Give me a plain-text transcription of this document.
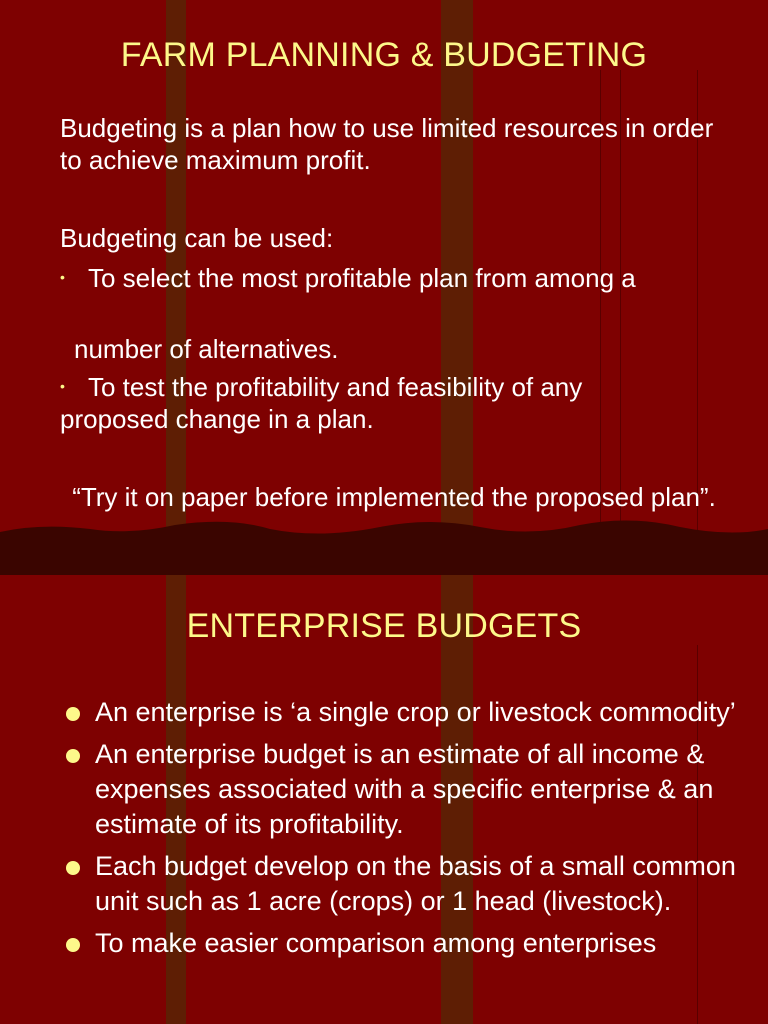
FARM PLANNING & BUDGETING
Budgeting is a plan how to use limited resources in order to achieve maximum profit.
Budgeting can be used:
• To select the most profitable plan from among a
number of alternatives.
• To test the profitability and feasibility of any
proposed change in a plan.
“Try it on paper before implemented the proposed plan”.
ENTERPRISE BUDGETS
An enterprise is ‘a single crop or livestock commodity’
An enterprise budget is an estimate of all income & expenses associated with a specific enterprise & an estimate of its profitability.
Each budget develop on the basis of a small common unit such as 1 acre (crops) or 1 head (livestock).
To make easier comparison among enterprises
